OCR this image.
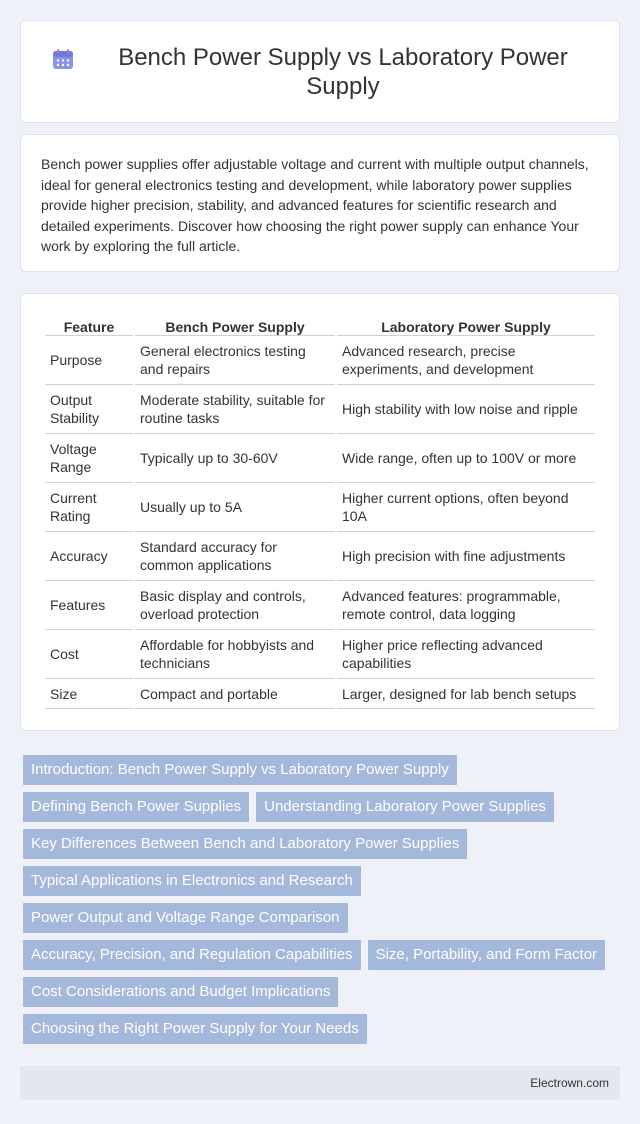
Bench Power Supply vs Laboratory Power Supply

Bench power supplies offer adjustable voltage and current with multiple output channels, ideal for general electronics testing and development, while laboratory power supplies provide higher precision, stability, and advanced features for scientific research and detailed experiments. Discover how choosing the right power supply can enhance Your work by exploring the full article.

Feature	Bench Power Supply	Laboratory Power Supply
Purpose	General electronics testing and repairs	Advanced research, precise experiments, and development
Output Stability	Moderate stability, suitable for routine tasks	High stability with low noise and ripple
Voltage Range	Typically up to 30-60V	Wide range, often up to 100V or more
Current Rating	Usually up to 5A	Higher current options, often beyond 10A
Accuracy	Standard accuracy for common applications	High precision with fine adjustments
Features	Basic display and controls, overload protection	Advanced features: programmable, remote control, data logging
Cost	Affordable for hobbyists and technicians	Higher price reflecting advanced capabilities
Size	Compact and portable	Larger, designed for lab bench setups
Introduction: Bench Power Supply vs Laboratory Power Supply
Defining Bench Power Supplies	Understanding Laboratory Power Supplies
Key Differences Between Bench and Laboratory Power Supplies
Typical Applications in Electronics and Research
Power Output and Voltage Range Comparison
Accuracy, Precision, and Regulation Capabilities	Size, Portability, and Form Factor
Cost Considerations and Budget Implications
Choosing the Right Power Supply for Your Needs
Electrown.com
